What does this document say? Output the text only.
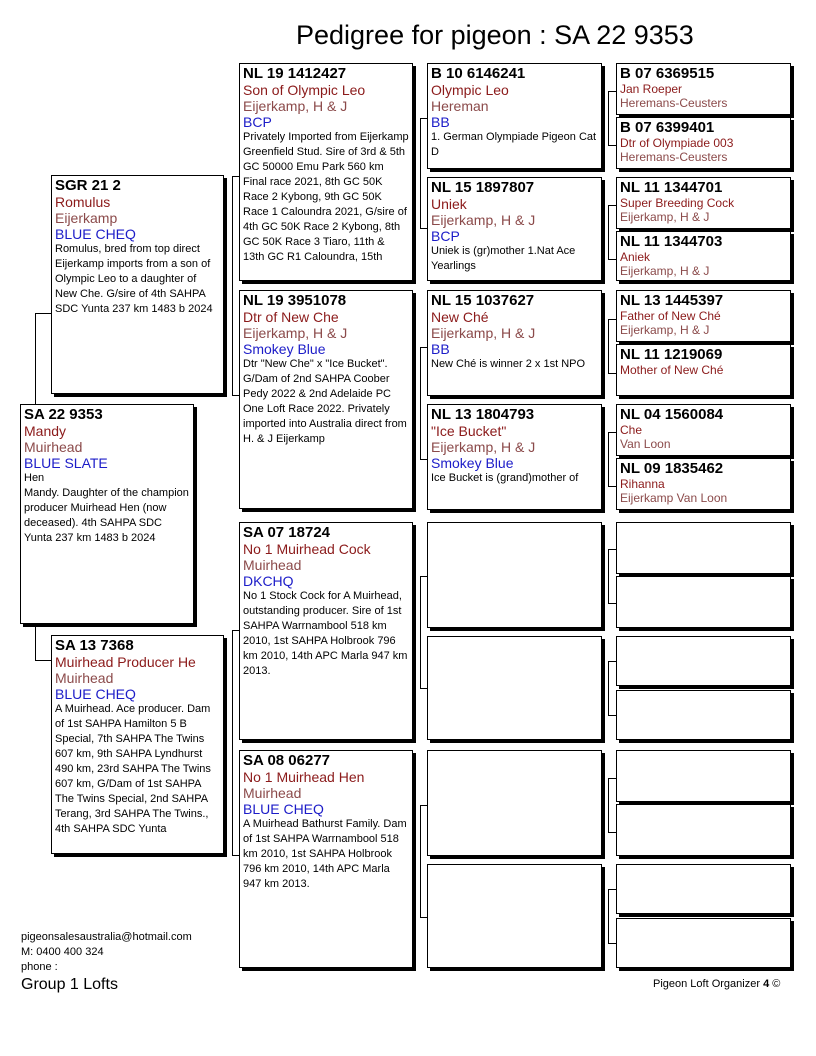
Pedigree for pigeon : SA 22 9353
SA 22 9353
Mandy
Muirhead
BLUE SLATE
Hen
Mandy. Daughter of the champion producer Muirhead Hen (now deceased). 4th SAHPA SDC Yunta 237 km 1483 b 2024
SGR 21 2
Romulus
Eijerkamp
BLUE CHEQ
Romulus, bred from top direct Eijerkamp imports from a son of Olympic Leo to a daughter of New Che. G/sire of 4th SAHPA SDC Yunta 237 km 1483 b 2024
SA 13 7368
Muirhead Producer He
Muirhead
BLUE CHEQ
A Muirhead. Ace producer. Dam of 1st SAHPA Hamilton 5 B Special, 7th SAHPA The Twins 607 km, 9th SAHPA Lyndhurst 490 km, 23rd SAHPA The Twins 607 km, G/Dam of 1st SAHPA The Twins Special, 2nd SAHPA Terang, 3rd SAHPA The Twins., 4th SAHPA SDC Yunta
NL 19 1412427
Son of Olympic Leo
Eijerkamp, H & J
BCP
Privately Imported from Eijerkamp Greenfield Stud. Sire of 3rd & 5th GC 50000 Emu Park 560 km Final race 2021, 8th GC 50K Race 2 Kybong, 9th GC 50K Race 1 Caloundra 2021, G/sire of 4th GC 50K Race 2 Kybong, 8th GC 50K Race 3 Tiaro, 11th & 13th GC R1 Caloundra, 15th
NL 19 3951078
Dtr of New Che
Eijerkamp, H & J
Smokey Blue
Dtr "New Che" x "Ice Bucket". G/Dam of 2nd SAHPA Coober Pedy 2022 & 2nd Adelaide PC One Loft Race 2022. Privately imported into Australia direct from H. & J Eijerkamp
SA 07 18724
No 1 Muirhead Cock
Muirhead
DKCHQ
No 1 Stock Cock for A Muirhead, outstanding producer. Sire of 1st SAHPA Warrnambool 518 km 2010, 1st SAHPA Holbrook 796 km 2010, 14th APC Marla 947 km 2013.
SA 08 06277
No 1 Muirhead Hen
Muirhead
BLUE CHEQ
A Muirhead Bathurst Family. Dam of 1st SAHPA Warrnambool 518 km 2010, 1st SAHPA Holbrook 796 km 2010, 14th APC Marla 947 km 2013.
B 10 6146241
Olympic Leo
Hereman
BB
1. German Olympiade Pigeon Cat D
NL 15 1897807
Uniek
Eijerkamp, H & J
BCP
Uniek is (gr)mother 1.Nat Ace Yearlings
NL 15 1037627
New Ché
Eijerkamp, H & J
BB
New Ché is winner 2 x 1st NPO
NL 13 1804793
"Ice Bucket"
Eijerkamp, H & J
Smokey Blue
Ice Bucket is (grand)mother of
B 07 6369515
Jan Roeper
Heremans-Ceusters
B 07 6399401
Dtr of Olympiade 003
Heremans-Ceusters
NL 11 1344701
Super Breeding Cock
Eijerkamp, H & J
NL 11 1344703
Aniek
Eijerkamp, H & J
NL 13 1445397
Father of New Ché
Eijerkamp, H & J
NL 11 1219069
Mother of New Ché
NL 04 1560084
Che
Van Loon
NL 09 1835462
Rihanna
Eijerkamp Van Loon
pigeonsalesaustralia@hotmail.com
M: 0400 400 324
phone :
Group 1 Lofts	Pigeon Loft Organizer 4 ©
